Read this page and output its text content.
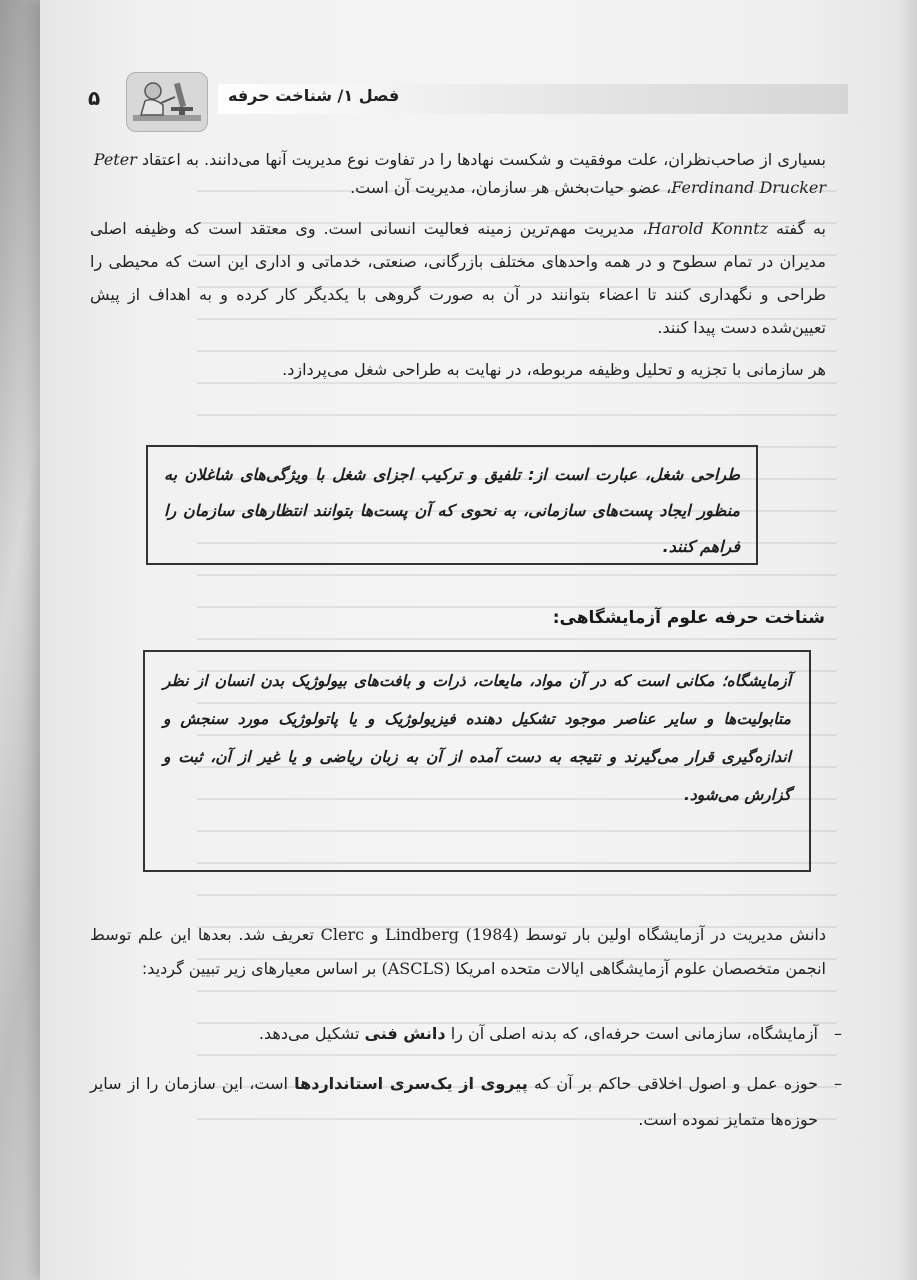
۵	فصل ۱/ شناخت حرفه

بسیاری از صاحب‌نظران، علت موفقیت و شکست نهادها را در تفاوت نوع مدیریت آنها می‌دانند. به اعتقاد Peter

Ferdinand Drucker، عضو حیات‌بخش هر سازمان، مدیریت آن است.

به گفته Harold Konntz، مدیریت مهم‌ترین زمینه فعالیت انسانی است. وی معتقد است که وظیفه اصلی مدیران در تمام سطوح و در همه واحدهای مختلف بازرگانی، صنعتی، خدماتی و اداری این است که محیطی را طراحی و نگهداری کنند تا اعضاء بتوانند در آن به صورت گروهی با یکدیگر کار کرده و به اهداف از پیش تعیین‌شده دست پیدا کنند.

هر سازمانی با تجزیه و تحلیل وظیفه مربوطه، در نهایت به طراحی شغل می‌پردازد.

طراحی شغل، عبارت است از: تلفیق و ترکیب اجزای شغل با ویژگی‌های شاغلان به منظور ایجاد پست‌های سازمانی، به نحوی که آن پست‌ها بتوانند انتظارهای سازمان را فراهم کنند.
شناخت حرفه علوم آزمایشگاهی:
آزمایشگاه؛ مکانی است که در آن مواد، مایعات، ذرات و بافت‌های بیولوژیک بدن انسان از نظر متابولیت‌ها و سایر عناصر موجود تشکیل دهنده فیزیولوژیک و یا پاتولوژیک مورد سنجش و اندازه‌گیری قرار می‌گیرند و نتیجه به دست آمده از آن به زبان ریاضی و یا غیر از آن، ثبت و گزارش می‌شود.

دانش مدیریت در آزمایشگاه اولین بار توسط Lindberg (1984) و Clerc تعریف شد. بعدها این علم توسط انجمن متخصصان علوم آزمایشگاهی ایالات متحده امریکا (ASCLS) بر اساس معیارهای زیر تبیین گردید:

–
آزمایشگاه، سازمانی است حرفه‌ای، که بدنه اصلی آن را دانش فنی تشکیل می‌دهد.
–
حوزه عمل و اصول اخلاقی حاکم بر آن که پیروی از یک‌سری استانداردها است، این سازمان را از سایر حوزه‌ها متمایز نموده است.
